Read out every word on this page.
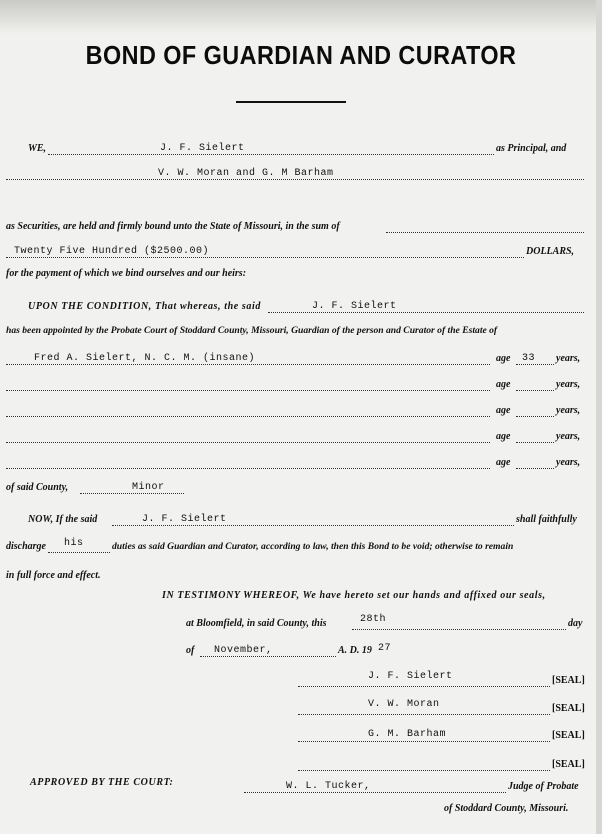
BOND OF GUARDIAN AND CURATOR
WE,	J. F. Sielert	as Principal, and
V. W. Moran and G. M Barham
as Securities, are held and firmly bound unto the State of Missouri, in the sum of
Twenty Five Hundred ($2500.00)	DOLLARS,
for the payment of which we bind ourselves and our heirs:
UPON THE CONDITION, That whereas, the said	J. F. Sielert
has been appointed by the Probate Court of Stoddard County, Missouri, Guardian of the person and Curator of the Estate of
Fred A. Sielert, N. C. M. (insane)	age 33 years,
age	years,
age	years,
age	years,
age	years,
of said County,	Minor
NOW, If the said	J. F. Sielert	shall faithfully
discharge his	duties as said Guardian and Curator, according to law, then this Bond to be void; otherwise to remain
in full force and effect.
IN TESTIMONY WHEREOF, We have hereto set our hands and affixed our seals,
at Bloomfield, in said County, this	28th	day
of November,	A. D. 19 27
J. F. Sielert	[SEAL]
V. W. Moran	[SEAL]
G. M. Barham	[SEAL]
[SEAL]
APPROVED BY THE COURT:	W. L. Tucker,	Judge of Probate
of Stoddard County, Missouri.
